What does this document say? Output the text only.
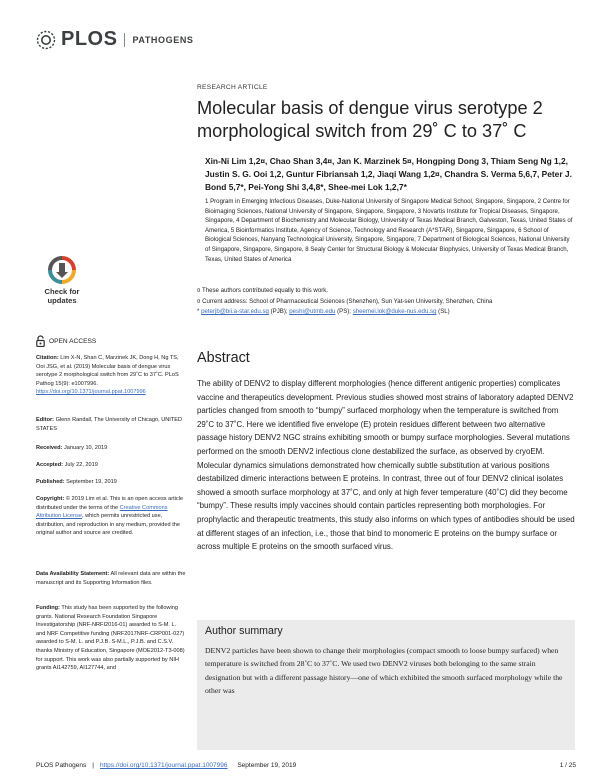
PLOS PATHOGENS
RESEARCH ARTICLE
Molecular basis of dengue virus serotype 2 morphological switch from 29˚ C to 37˚ C
Xin-Ni Lim 1,2¤, Chao Shan 3,4¤, Jan K. Marzinek 5¤, Hongping Dong 3, Thiam Seng Ng 1,2, Justin S. G. Ooi 1,2, Guntur Fibriansah 1,2, Jiaqi Wang 1,2¤, Chandra S. Verma 5,6,7, Peter J. Bond 5,7*, Pei-Yong Shi 3,4,8*, Shee-mei Lok 1,2,7*
1 Program in Emerging Infectious Diseases, Duke-National University of Singapore Medical School, Singapore, Singapore, 2 Centre for Bioimaging Sciences, National University of Singapore, Singapore, Singapore, 3 Novartis Institute for Tropical Diseases, Singapore, Singapore, 4 Department of Biochemistry and Molecular Biology, University of Texas Medical Branch, Galveston, Texas, United States of America, 5 Bioinformatics Institute, Agency of Science, Technology and Research (A*STAR), Singapore, Singapore, 6 School of Biological Sciences, Nanyang Technological University, Singapore, Singapore, 7 Department of Biological Sciences, National University of Singapore, Singapore, Singapore, 8 Sealy Center for Structural Biology & Molecular Biophysics, University of Texas Medical Branch, Texas, United States of America
¤ These authors contributed equally to this work.
¤ Current address: School of Pharmaceutical Sciences (Shenzhen), Sun Yat-sen University, Shenzhen, China
* peterjb@bii.a-star.edu.sg (PJB); peshi@utmb.edu (PS); sheemei.lok@duke-nus.edu.sg (SL)
Check for updates
OPEN ACCESS
Citation: Lim X-N, Shan C, Marzinek JK, Dong H, Ng TS, Ooi JSG, et al. (2019) Molecular basis of dengue virus serotype 2 morphological switch from 29˚C to 37˚C. PLoS Pathog 15(9): e1007996. https://doi.org/10.1371/journal.ppat.1007996
Editor: Glenn Randall, The University of Chicago, UNITED STATES
Received: January 10, 2019
Accepted: July 22, 2019
Published: September 19, 2019
Copyright: © 2019 Lim et al. This is an open access article distributed under the terms of the Creative Commons Attribution License, which permits unrestricted use, distribution, and reproduction in any medium, provided the original author and source are credited.
Data Availability Statement: All relevant data are within the manuscript and its Supporting Information files.
Funding: This study has been supported by the following grants. National Research Foundation Singapore Investigatorship (NRF-NRFI2016-01) awarded to S-M. L. and NRF Competitive funding (NRF2017NRF-CRP001-027) awarded to S-M. L. and P.J.B. S-M.L., P.J.B. and C.S.V. thanks Ministry of Education, Singapore (MOE2012-T3-008) for support. This work was also partially supported by NIH grants AI142759, AI127744, and
Abstract
The ability of DENV2 to display different morphologies (hence different antigenic properties) complicates vaccine and therapeutics development. Previous studies showed most strains of laboratory adapted DENV2 particles changed from smooth to “bumpy” surfaced morphology when the temperature is switched from 29˚C to 37˚C. Here we identified five envelope (E) protein residues different between two alternative passage history DENV2 NGC strains exhibiting smooth or bumpy surface morphologies. Several mutations performed on the smooth DENV2 infectious clone destabilized the surface, as observed by cryoEM. Molecular dynamics simulations demonstrated how chemically subtle substitution at various positions destabilized dimeric interactions between E proteins. In contrast, three out of four DENV2 clinical isolates showed a smooth surface morphology at 37˚C, and only at high fever temperature (40˚C) did they become “bumpy”. These results imply vaccines should contain particles representing both morphologies. For prophylactic and therapeutic treatments, this study also informs on which types of antibodies should be used at different stages of an infection, i.e., those that bind to monomeric E proteins on the bumpy surface or across multiple E proteins on the smooth surfaced virus.
Author summary
DENV2 particles have been shown to change their morphologies (compact smooth to loose bumpy surfaced) when temperature is switched from 28˚C to 37˚C. We used two DENV2 viruses both belonging to the same strain designation but with a different passage history—one of which exhibited the smooth surfaced morphology while the other was
PLOS Pathogens | https://doi.org/10.1371/journal.ppat.1007996 September 19, 2019	1 / 25
